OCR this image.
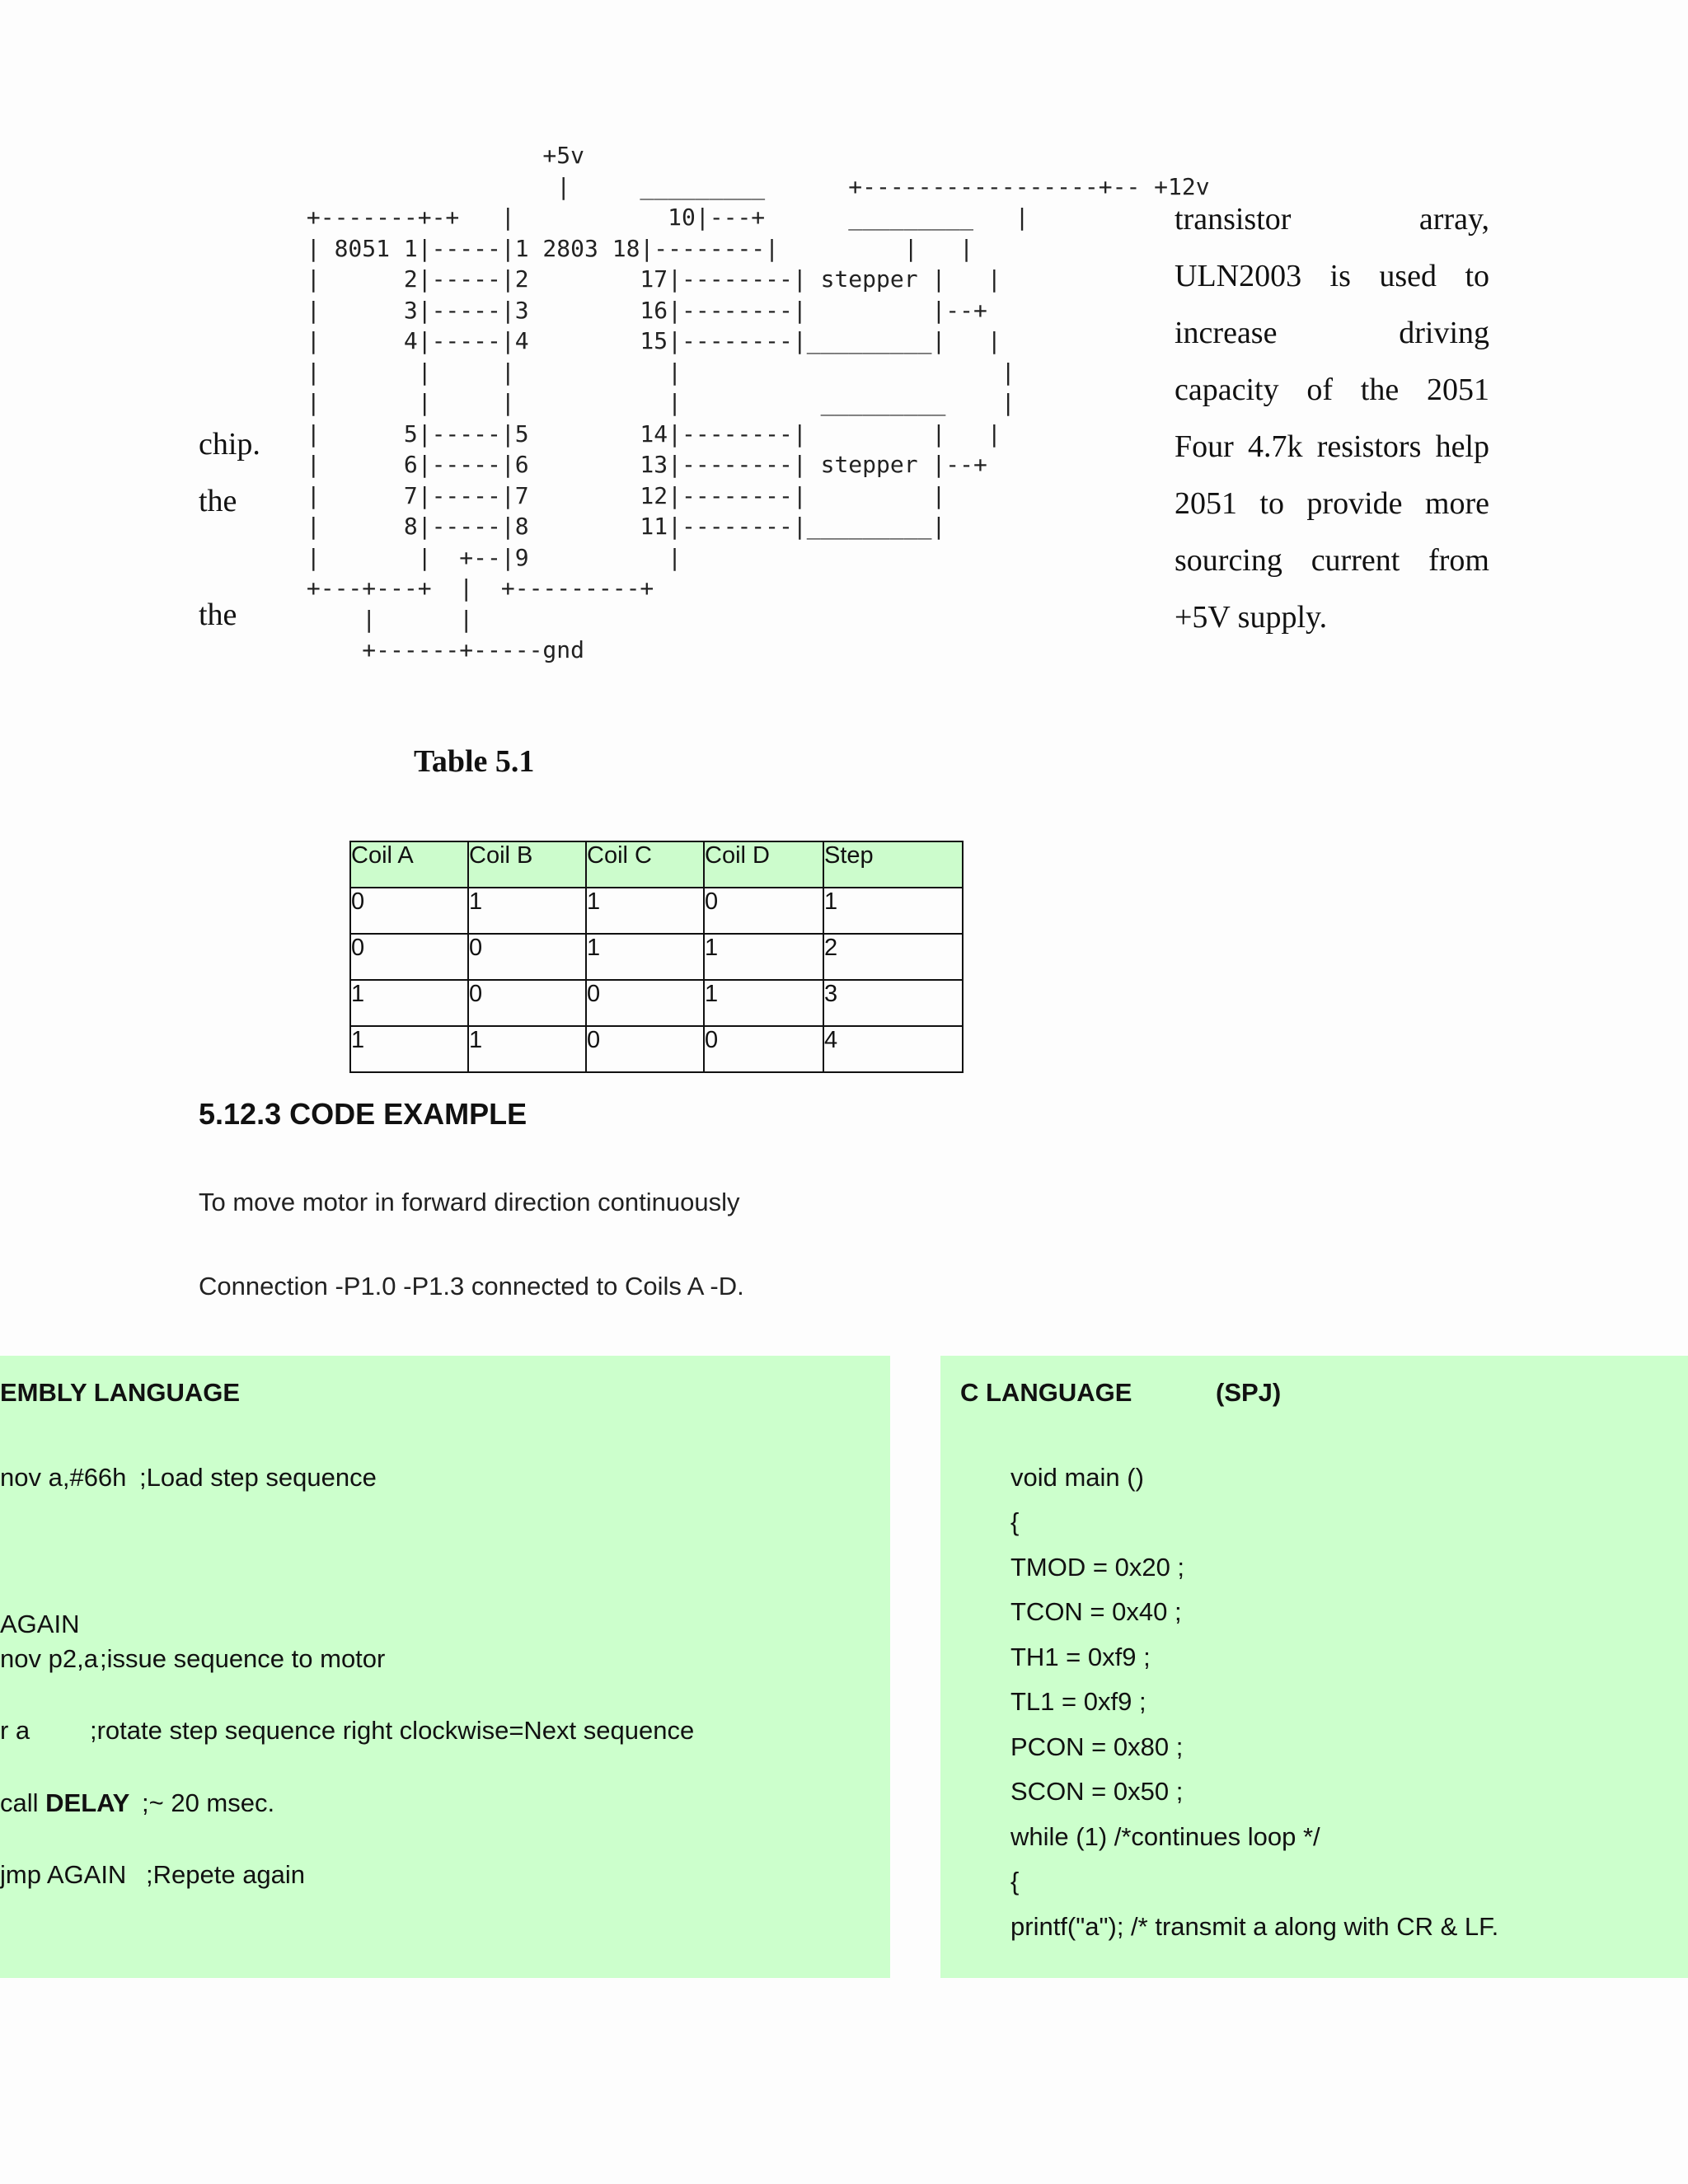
+5v
|     _________      +-----------------+-- +12v
+-------+-+   |           10|---+      _________   |
| 8051 1|-----|1 2803 18|--------|         |   |
|      2|-----|2        17|--------| stepper |   |
|      3|-----|3        16|--------|         |--+
|      4|-----|4        15|--------|_________|   |
|       |     |           |                       |
|       |     |           |          _________    |
|      5|-----|5        14|--------|         |   |
|      6|-----|6        13|--------| stepper |--+
|      7|-----|7        12|--------|         |
|      8|-----|8        11|--------|_________|
|       |  +--|9          |
+---+---+  |  +---------+
|      |
+------+-----gnd
chip.
the
the
transistor array,
ULN2003 is used to
increase driving
capacity of the 2051
Four 4.7k resistors help
2051 to provide more
sourcing current from
+5V supply.
Table 5.1
Coil A	Coil B	Coil C	Coil D	Step
0	1	1	0	1
0	0	1	1	2
1	0	0	1	3
1	1	0	0	4
5.12.3 CODE EXAMPLE
To move motor in forward direction continuously
Connection -P1.0 -P1.3 connected to Coils A -D.
EMBLY LANGUAGE
nov a,#66h ;Load step sequence
AGAIN
nov p2,a ;issue sequence to motor
r a ;rotate step sequence right clockwise=Next sequence
call DELAY ;~ 20 msec.
jmp AGAIN ;Repete again
C LANGUAGE	(SPJ)
void main ()
{
TMOD = 0x20 ;
TCON = 0x40 ;
TH1 = 0xf9 ;
TL1 = 0xf9 ;
PCON = 0x80 ;
SCON = 0x50 ;
while (1) /*continues loop */
{
printf("a"); /* transmit a along with CR & LF.
